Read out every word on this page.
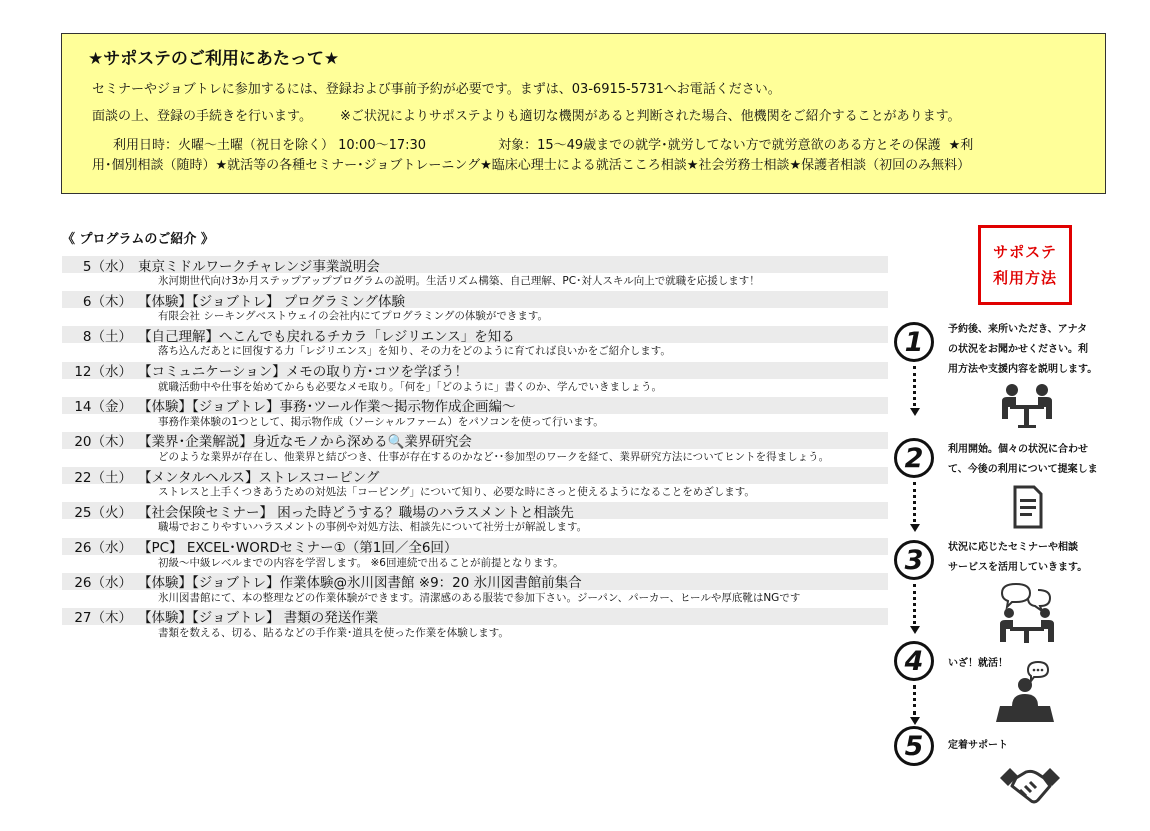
★サポステのご利用にあたって★
セミナーやジョブトレに参加するには、登録および事前予約が必要です。まずは、03-6915-5731へお電話ください。
面談の上、登録の手続きを行います。 ※ご状況によりサポステよりも適切な機関があると判断された場合、他機関をご紹介することがあります。
利用日時：火曜～土曜（祝日を除く） 10:00～17:30	対象：15～49歳までの就学･就労してない方で就労意欲のある方とその保護 ★利
用･個別相談（随時）★就活等の各種セミナー･ジョブトレーニング★臨床心理士による就活こころ相談★社会労務士相談★保護者相談（初回のみ無料）
《 プログラムのご紹介 》
5（水） 東京ミドルワークチャレンジ事業説明会
氷河期世代向け3か月ステップアッププログラムの説明。生活リズム構築、自己理解、PC･対人スキル向上で就職を応援します！
6（木） 【体験】【ジョブトレ】 プログラミング体験
有限会社 シーキングベストウェイの会社内にてプログラミングの体験ができます。
8（土） 【自己理解】へこんでも戻れるチカラ「レジリエンス」を知る
落ち込んだあとに回復する力「レジリエンス」を知り、その力をどのように育てれば良いかをご紹介します。
12（水） 【コミュニケーション】メモの取り方･コツを学ぼう！
就職活動中や仕事を始めてからも必要なメモ取り。「何を」「どのように」書くのか、学んでいきましょう。
14（金） 【体験】【ジョブトレ】事務･ツール作業～掲示物作成企画編～
事務作業体験の1つとして、掲示物作成（ソーシャルファーム）をパソコンを使って行います。
20（木） 【業界･企業解説】身近なモノから深める🔍業界研究会
どのような業界が存在し、他業界と結びつき、仕事が存在するのかなど･･参加型のワークを経て、業界研究方法についてヒントを得ましょう。
22（土） 【メンタルヘルス】ストレスコーピング
ストレスと上手くつきあうための対処法「コーピング」について知り、必要な時にさっと使えるようになることをめざします。
25（火） 【社会保険セミナー】 困った時どうする？職場のハラスメントと相談先
職場でおこりやすいハラスメントの事例や対処方法、相談先について社労士が解説します。
26（水） 【PC】 EXCEL･WORDセミナー①（第1回／全6回）
初級～中級レベルまでの内容を学習します。 ※6回連続で出ることが前提となります。
26（水） 【体験】【ジョブトレ】作業体験@氷川図書館 ※9：20 氷川図書館前集合
氷川図書館にて、本の整理などの作業体験ができます。清潔感のある服装で参加下さい。ジーパン、パーカー、ヒールや厚底靴はNGです
27（木） 【体験】【ジョブトレ】 書類の発送作業
書類を数える、切る、貼るなどの手作業･道具を使った作業を体験します。
サポステ
利用方法
1	予約後、来所いただき、アナタ
の状況をお聞かせください。利
用方法や支援内容を説明します。
2	利用開始。個々の状況に合わせ
て、今後の利用について提案しま
3	状況に応じたセミナーや相談
サービスを活用していきます。
4	いざ！就活！
5	定着サポート
